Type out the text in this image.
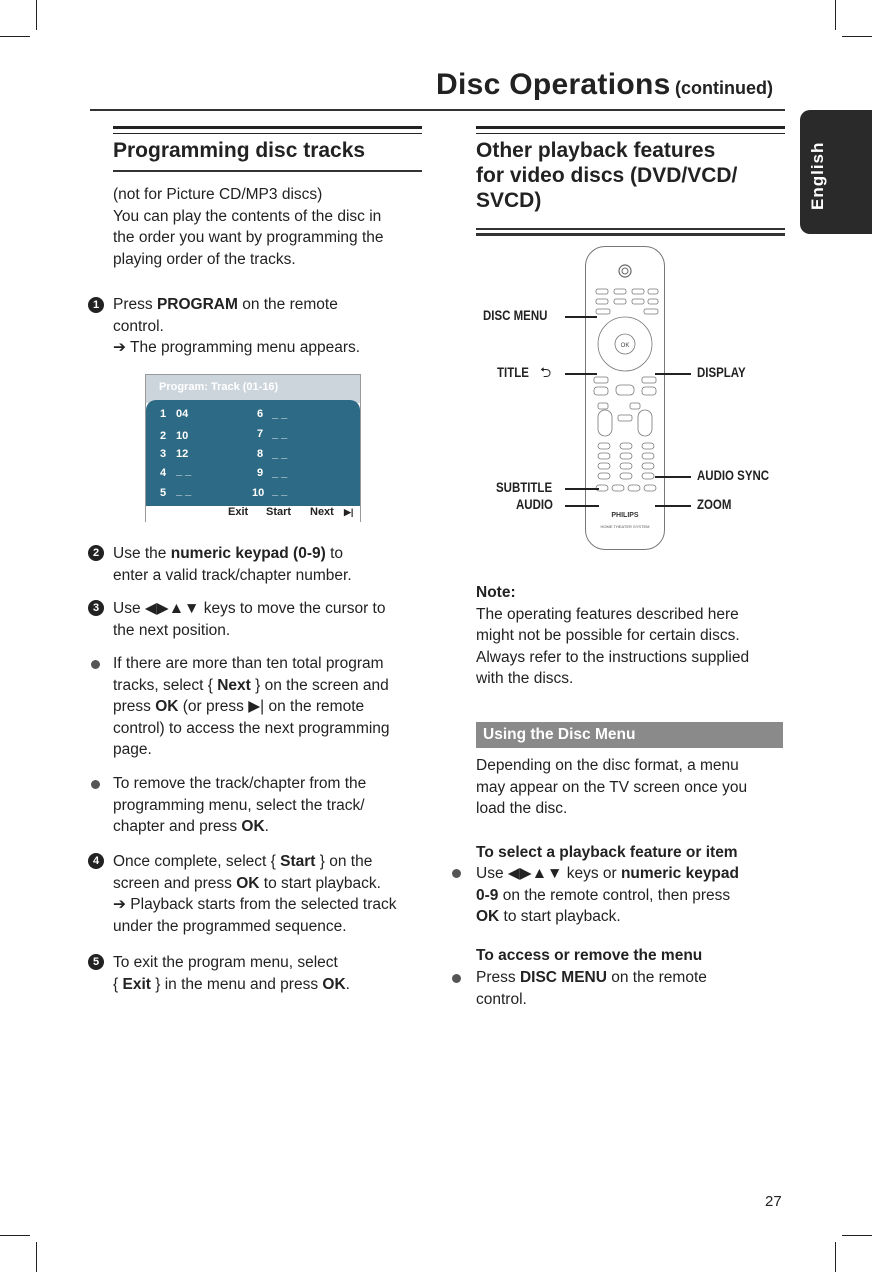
Disc Operations (continued)
English
Programming disc tracks
(not for Picture CD/MP3 discs)
You can play the contents of the disc in
the order you want by programming the
playing order of the tracks.
1 Press PROGRAM on the remote
control.
➔ The programming menu appears.
Program: Track (01-16)
1 04
2 10
3 12
4 _ _
5 _ _
6 _ _
7 _ _
8 _ _
9 _ _
10 _ _
Exit Start Next ▶|
2 Use the numeric keypad (0-9) to
enter a valid track/chapter number.
3 Use ◀▶▲▼ keys to move the cursor to
the next position.
If there are more than ten total program
tracks, select { Next } on the screen and
press OK (or press ▶| on the remote
control) to access the next programming
page.
To remove the track/chapter from the
programming menu, select the track/
chapter and press OK.
4 Once complete, select { Start } on the
screen and press OK to start playback.
➔ Playback starts from the selected track
under the programmed sequence.
5 To exit the program menu, select
{ Exit } in the menu and press OK.
Other playback features
for video discs (DVD/VCD/
SVCD)
OK
PHILIPS
HOME THEATER SYSTEM
DISC MENU
TITLE ⮌	DISPLAY
AUDIO SYNC
SUBTITLE
AUDIO	ZOOM
Note:
The operating features described here
might not be possible for certain discs.
Always refer to the instructions supplied
with the discs.
Using the Disc Menu
Depending on the disc format, a menu
may appear on the TV screen once you
load the disc.
To select a playback feature or item
Use ◀▶▲▼ keys or numeric keypad
0-9 on the remote control, then press
OK to start playback.
To access or remove the menu
Press DISC MENU on the remote
control.
27
